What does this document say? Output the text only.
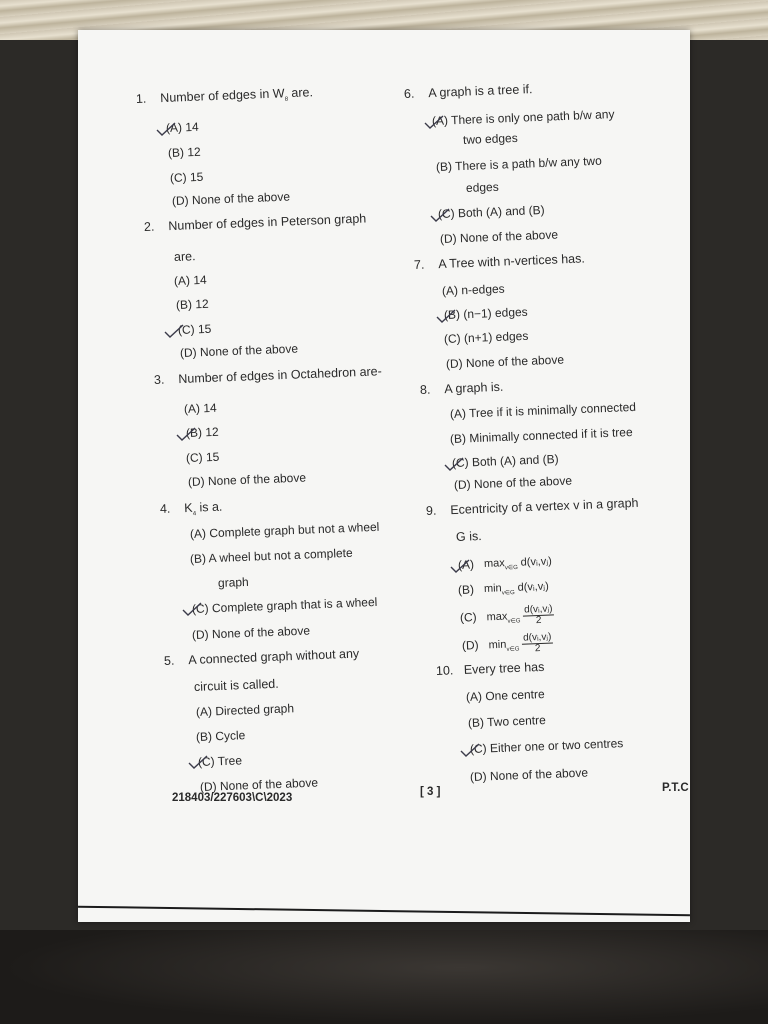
1. Number of edges in $W_8$ are.
(A) 14
(B) 12
(C) 15
(D) None of the above
2. Number of edges in Peterson graph
are.
(A) 14
(B) 12
(C) 15
(D) None of the above
3. Number of edges in Octahedron are-
(A) 14
(B) 12
(C) 15
(D) None of the above
4. $K_4$ is a.
(A) Complete graph but not a wheel
(B) A wheel but not a complete
graph
(C) Complete graph that is a wheel
(D) None of the above
5. A connected graph without any
circuit is called.
(A) Directed graph
(B) Cycle
(C) Tree
(D) None of the above
6. A graph is a tree if.
(A) There is only one path b/w any
two edges
(B) There is a path b/w any two
edges
(C) Both (A) and (B)
(D) None of the above
7. A Tree with n-vertices has.
(A) n-edges
(B) (n−1) edges
(C) (n+1) edges
(D) None of the above
8. A graph is.
(A) Tree if it is minimally connected
(B) Minimally connected if it is tree
(C) Both (A) and (B)
(D) None of the above
9. Ecentricity of a vertex v in a graph
G is.
(A) $\max_{v\in G}$ d(vᵢ,vⱼ)
(B) $\min_{v\in G}$ d(vᵢ,vⱼ)
(C) $\max_{v\in G} \frac{\text{d(vᵢ,vⱼ)}}{2}$
(D) $\min_{v\in G} \frac{\text{d(vᵢ,vⱼ)}}{2}$
10. Every tree has
(A) One centre
(B) Two centre
(C) Either one or two centres
(D) None of the above
218403/227603\C\2023	[ 3 ]	P.T.C
